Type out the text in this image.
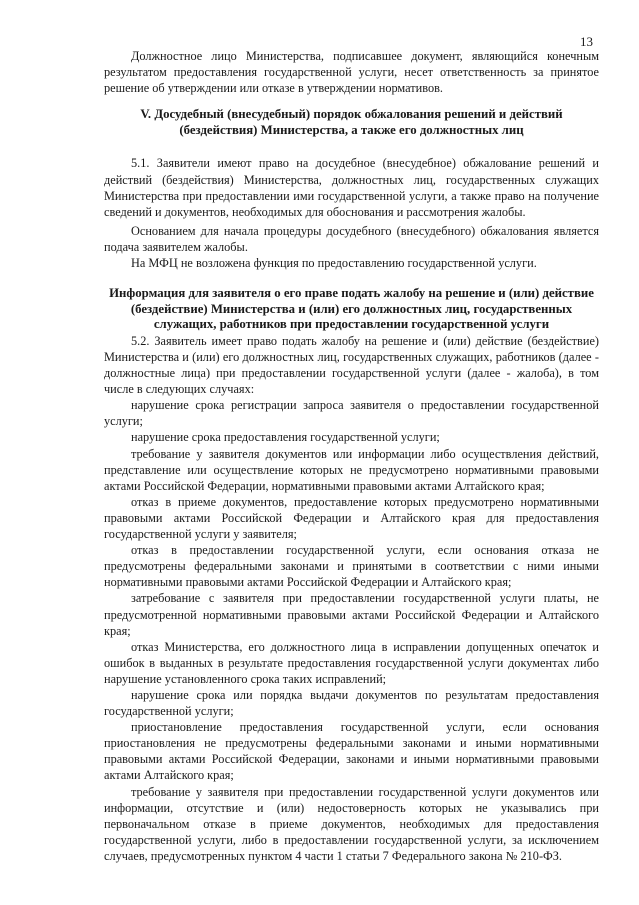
13

Должностное лицо Министерства, подписавшее документ, являющийся конечным результатом предоставления государственной услуги, несет ответственность за принятое решение об утверждении или отказе в утверждении нормативов.

V. Досудебный (внесудебный) порядок обжалования решений и действий (бездействия) Министерства, а также его должностных лиц

5.1. Заявители имеют право на досудебное (внесудебное) обжалование решений и действий (бездействия) Министерства, должностных лиц, государственных служащих Министерства при предоставлении ими государственной услуги, а также право на получение сведений и документов, необходимых для обоснования и рассмотрения жалобы.

Основанием для начала процедуры досудебного (внесудебного) обжалования является подача заявителем жалобы.

На МФЦ не возложена функция по предоставлению государственной услуги.

Информация для заявителя о его праве подать жалобу на решение и (или) действие (бездействие) Министерства и (или) его должностных лиц, государственных служащих, работников при предоставлении государственной услуги

5.2. Заявитель имеет право подать жалобу на решение и (или) действие (бездействие) Министерства и (или) его должностных лиц, государственных служащих, работников (далее - должностные лица) при предоставлении государственной услуги (далее - жалоба), в том числе в следующих случаях:

нарушение срока регистрации запроса заявителя о предоставлении государственной услуги;

нарушение срока предоставления государственной услуги;

требование у заявителя документов или информации либо осуществления действий, представление или осуществление которых не предусмотрено нормативными правовыми актами Российской Федерации, нормативными правовыми актами Алтайского края;

отказ в приеме документов, предоставление которых предусмотрено нормативными правовыми актами Российской Федерации и Алтайского края для предоставления государственной услуги у заявителя;

отказ в предоставлении государственной услуги, если основания отказа не предусмотрены федеральными законами и принятыми в соответствии с ними иными нормативными правовыми актами Российской Федерации и Алтайского края;

затребование с заявителя при предоставлении государственной услуги платы, не предусмотренной нормативными правовыми актами Российской Федерации и Алтайского края;

отказ Министерства, его должностного лица в исправлении допущенных опечаток и ошибок в выданных в результате предоставления государственной услуги документах либо нарушение установленного срока таких исправлений;

нарушение срока или порядка выдачи документов по результатам предоставления государственной услуги;

приостановление предоставления государственной услуги, если основания приостановления не предусмотрены федеральными законами и иными нормативными правовыми актами Российской Федерации, законами и иными нормативными правовыми актами Алтайского края;

требование у заявителя при предоставлении государственной услуги документов или информации, отсутствие и (или) недостоверность которых не указывались при первоначальном отказе в приеме документов, необходимых для предоставления государственной услуги, либо в предоставлении государственной услуги, за исключением случаев, предусмотренных пунктом 4 части 1 статьи 7 Федерального закона № 210-ФЗ.
